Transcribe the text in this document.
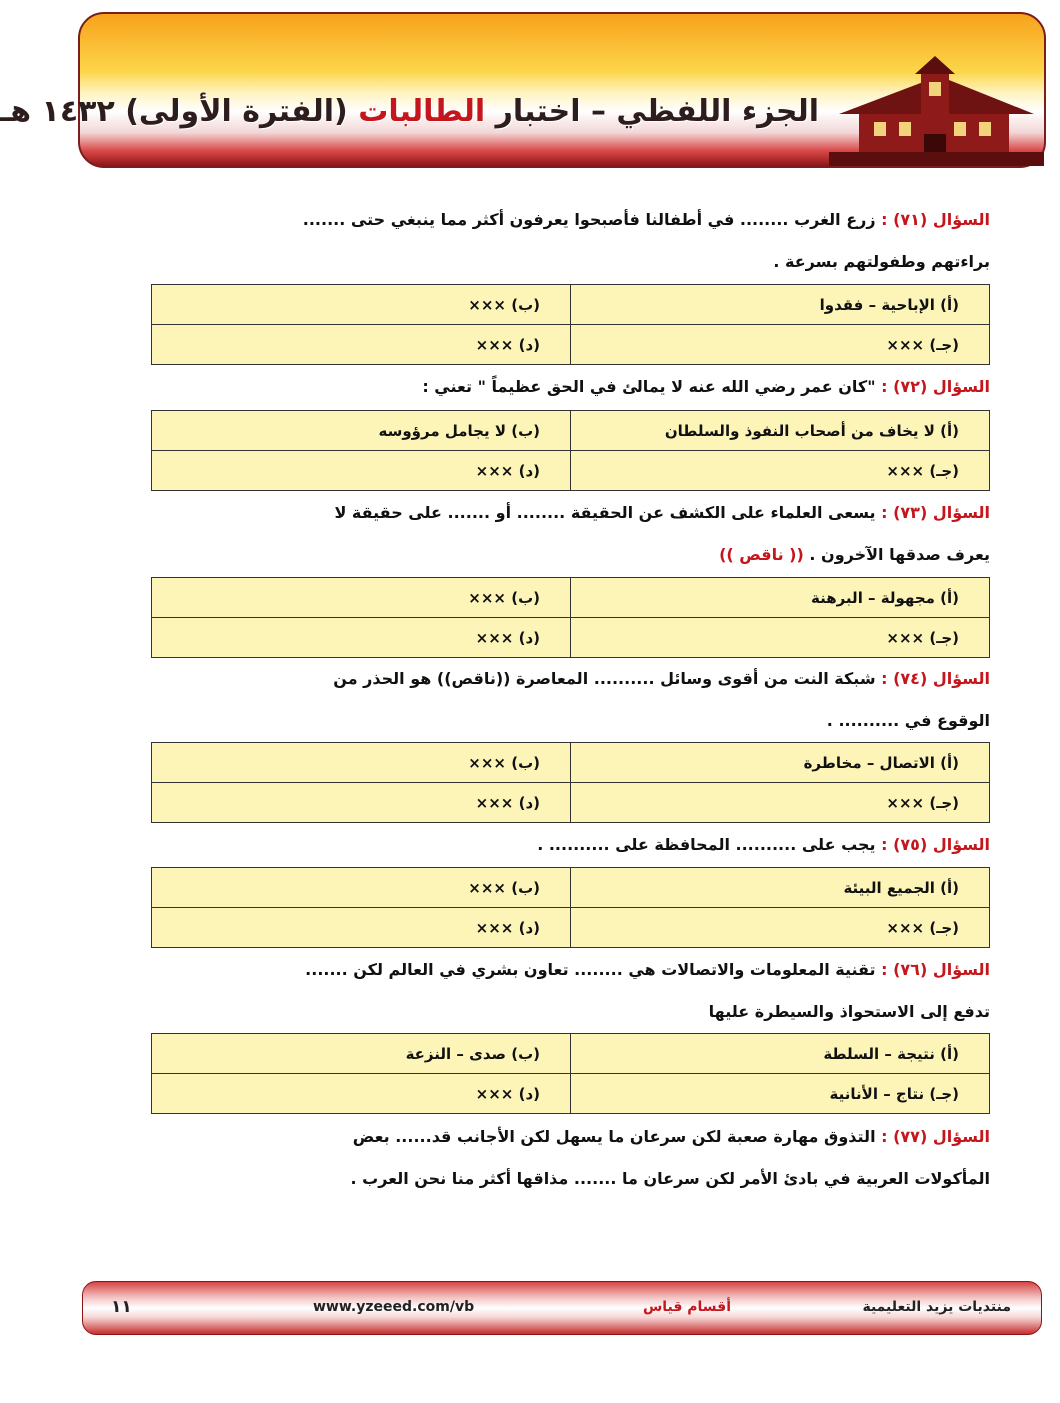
الجزء اللفظي – اختبار الطالبات (الفترة الأولى) ١٤٣٢ هـ
السؤال (٧١) : زرع الغرب ........ في أطفالنا فأصبحوا يعرفون أكثر مما ينبغي حتى .......
براءتهم وطفولتهم بسرعة .
(أ) الإباحية – فقدوا	(ب) ×××
(جـ) ×××	(د) ×××
السؤال (٧٢) : "كان عمر رضي الله عنه لا يمالئ في الحق عظيماً " تعني :
(أ) لا يخاف من أصحاب النفوذ والسلطان	(ب) لا يجامل مرؤوسه
(جـ) ×××	(د) ×××
السؤال (٧٣) : يسعى العلماء على الكشف عن الحقيقة ........ أو ....... على حقيقة لا
يعرف صدقها الآخرون . (( ناقص ))
(أ) مجهولة – البرهنة	(ب) ×××
(جـ) ×××	(د) ×××
السؤال (٧٤) : شبكة النت من أقوى وسائل .......... المعاصرة ((ناقص)) هو الحذر من
الوقوع في .......... .
(أ) الاتصال – مخاطرة	(ب) ×××
(جـ) ×××	(د) ×××
السؤال (٧٥) : يجب على .......... المحافظة على .......... .
(أ) الجميع البيئة	(ب) ×××
(جـ) ×××	(د) ×××
السؤال (٧٦) : تقنية المعلومات والاتصالات هي ........ تعاون بشري في العالم لكن .......
تدفع إلى الاستحواذ والسيطرة عليها
(أ) نتيجة – السلطة	(ب) صدى – النزعة
(جـ) نتاج – الأنانية	(د) ×××
السؤال (٧٧) : التذوق مهارة صعبة لكن سرعان ما يسهل لكن الأجانب قد...... بعض
المأكولات العربية في بادئ الأمر لكن سرعان ما ....... مذاقها أكثر منا نحن العرب .
منتديات يزيد التعليمية
أقسام قياس
www.yzeeed.com/vb
١١
